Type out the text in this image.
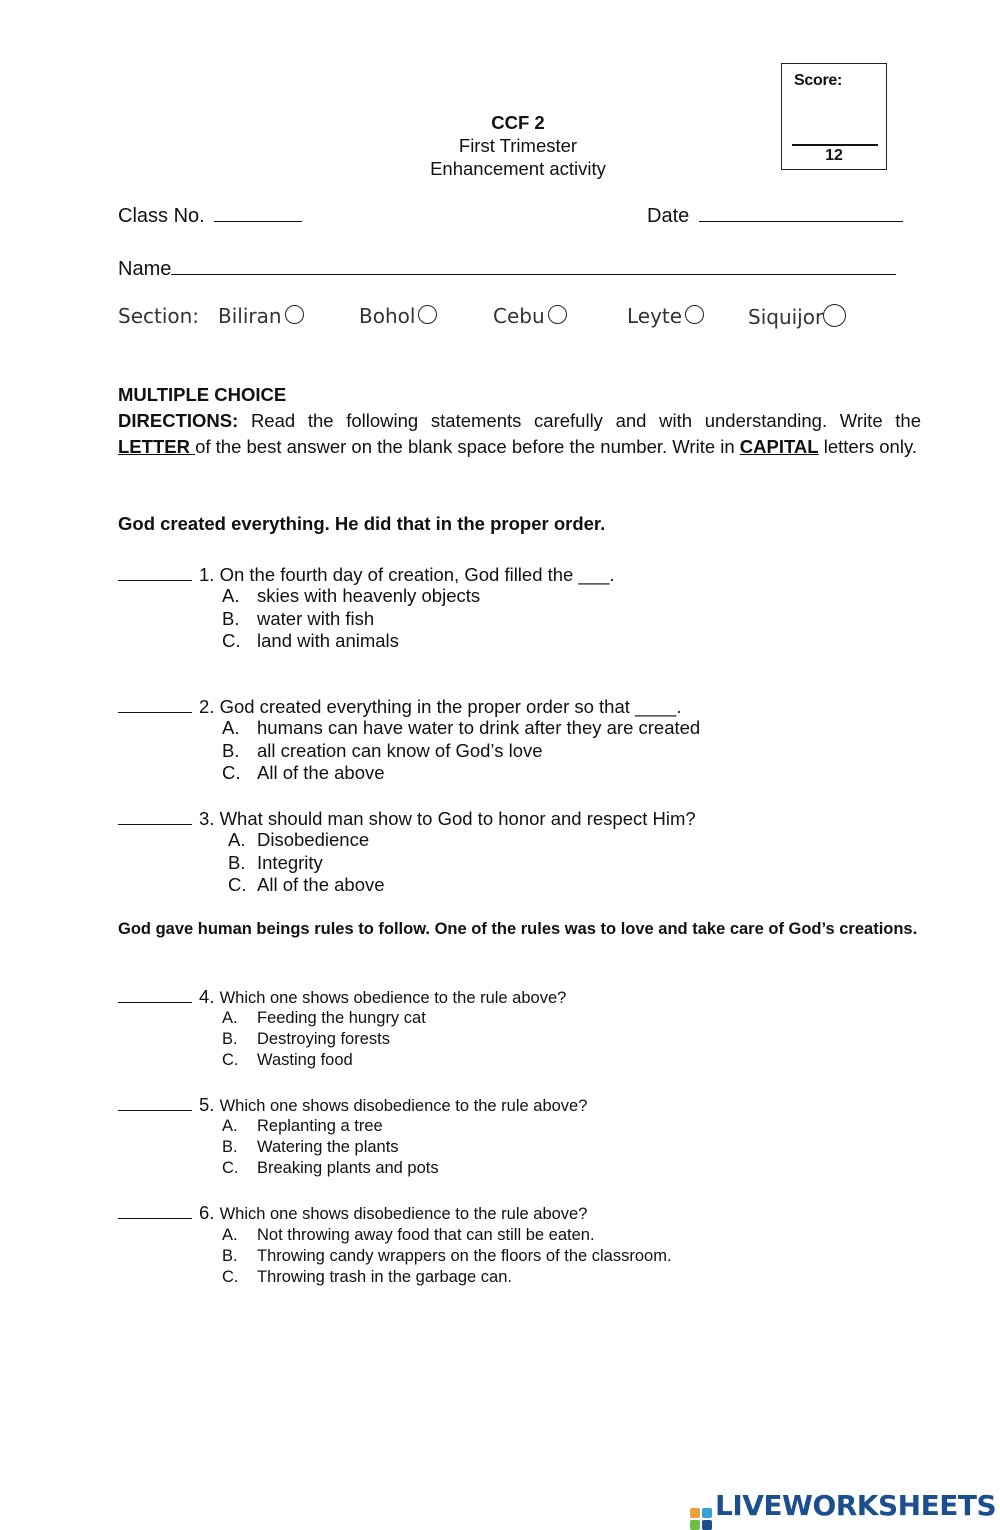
CCF 2
First Trimester
Enhancement activity
Score:
12
Class No.	Date
Name
Section: Biliran	Bohol	Cebu	Leyte	Siquijor
MULTIPLE CHOICE
DIRECTIONS: Read the following statements carefully and with understanding. Write the LETTER of the best answer on the blank space before the number. Write in CAPITAL letters only.
God created everything. He did that in the proper order.
1. On the fourth day of creation, God filled the ___.
A. skies with heavenly objects
B. water with fish
C. land with animals
2. God created everything in the proper order so that ____.
A. humans can have water to drink after they are created
B. all creation can know of God’s love
C. All of the above
3. What should man show to God to honor and respect Him?
A. Disobedience
B. Integrity
C. All of the above
God gave human beings rules to follow. One of the rules was to love and take care of God’s creations.
4. Which one shows obedience to the rule above?
A. Feeding the hungry cat
B. Destroying forests
C. Wasting food
5. Which one shows disobedience to the rule above?
A. Replanting a tree
B. Watering the plants
C. Breaking plants and pots
6. Which one shows disobedience to the rule above?
A. Not throwing away food that can still be eaten.
B. Throwing candy wrappers on the floors of the classroom.
C. Throwing trash in the garbage can.
LIVEWORKSHEETS
